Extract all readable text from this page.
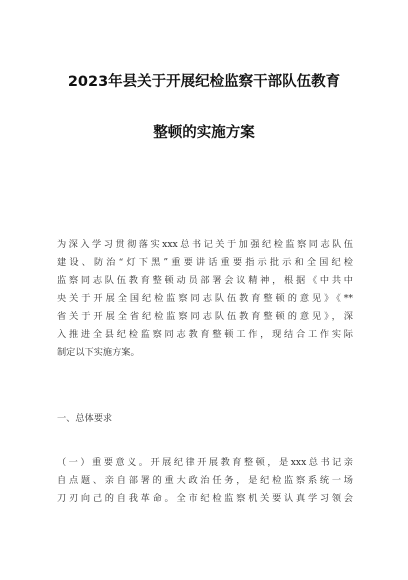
2023年县关于开展纪检监察干部队伍教育
整顿的实施方案
为深入学习贯彻落实xxx总书记关于加强纪检监察同志队伍
建设、防治“灯下黑”重要讲话重要指示批示和全国纪检
监察同志队伍教育整顿动员部署会议精神，根据《中共中
央关于开展全国纪检监察同志队伍教育整顿的意见》《**
省关于开展全省纪检监察同志队伍教育整顿的意见》，深
入推进全县纪检监察同志教育整顿工作，现结合工作实际
制定以下实施方案。
一、总体要求
（一）重要意义。开展纪律开展教育整顿，是xxx总书记亲
自点题、亲自部署的重大政治任务，是纪检监察系统一场
刀刃向己的自我革命。全市纪检监察机关要认真学习领会
